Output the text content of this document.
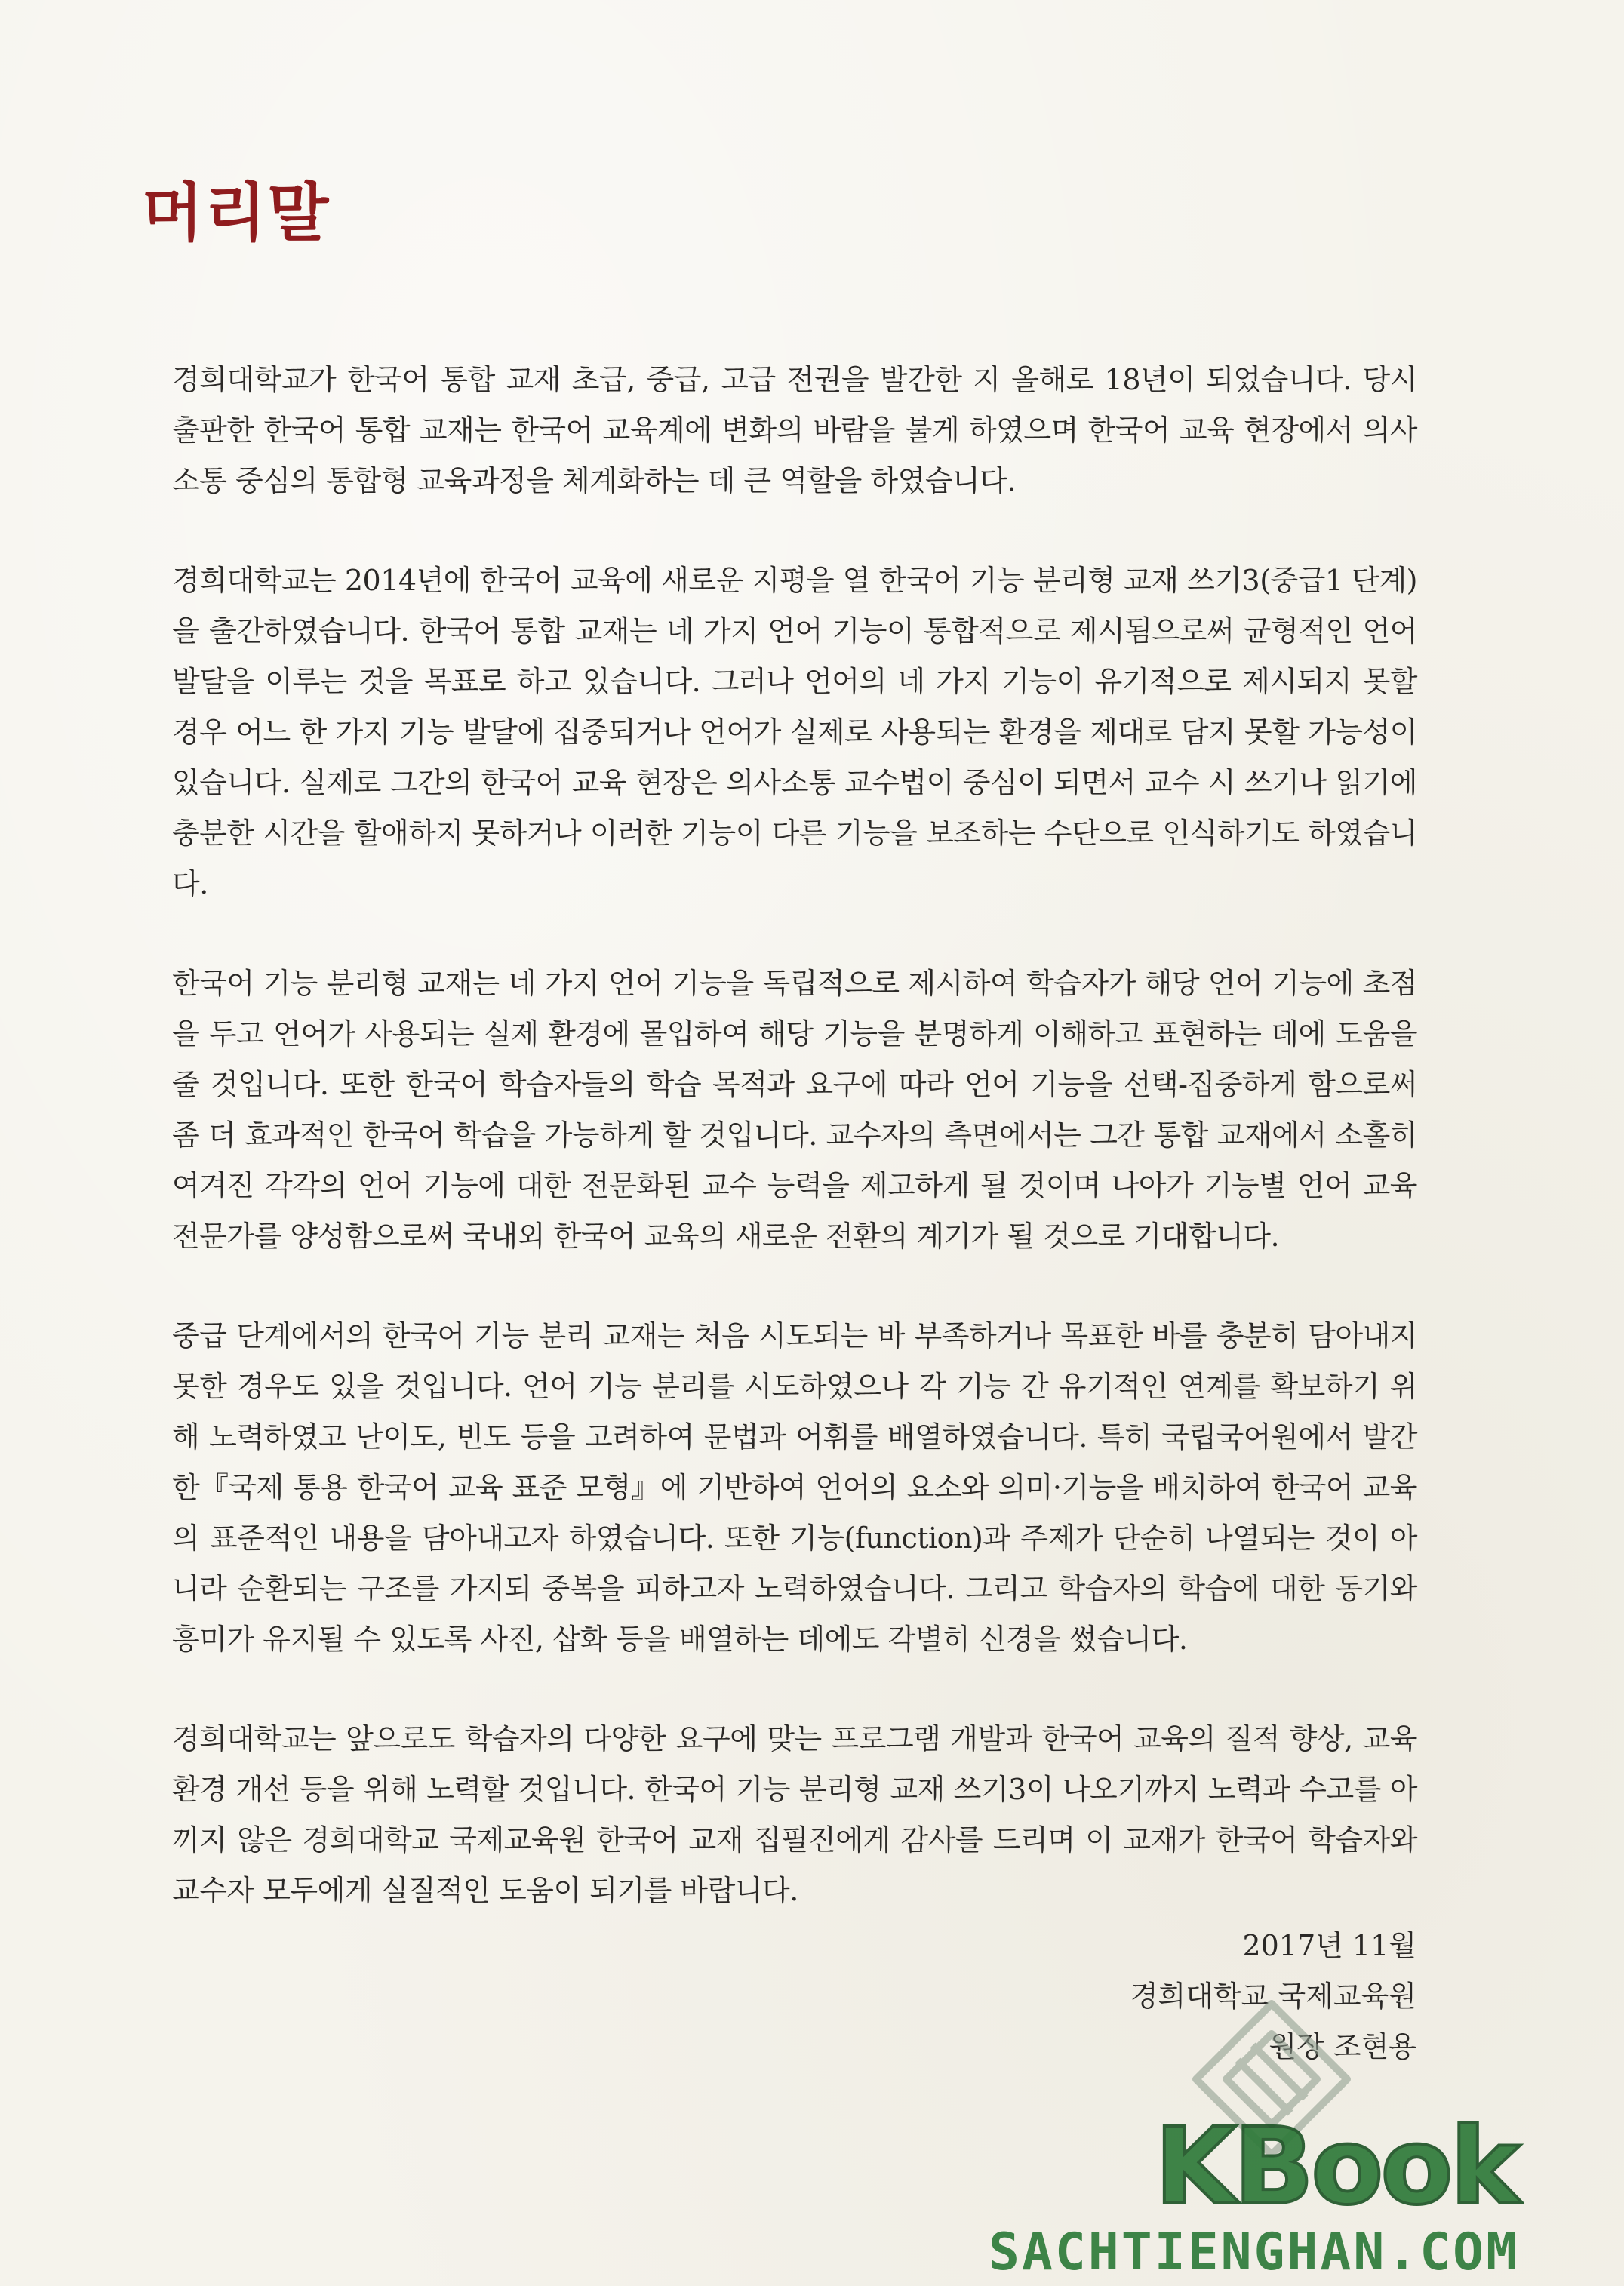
머리말

경희대학교가 한국어 통합 교재 초급, 중급, 고급 전권을 발간한 지 올해로 18년이 되었습니다. 당시 출판한 한국어 통합 교재는 한국어 교육계에 변화의 바람을 불게 하였으며 한국어 교육 현장에서 의사소통 중심의 통합형 교육과정을 체계화하는 데 큰 역할을 하였습니다.

경희대학교는 2014년에 한국어 교육에 새로운 지평을 열 한국어 기능 분리형 교재 쓰기3(중급1 단계)을 출간하였습니다. 한국어 통합 교재는 네 가지 언어 기능이 통합적으로 제시됨으로써 균형적인 언어 발달을 이루는 것을 목표로 하고 있습니다. 그러나 언어의 네 가지 기능이 유기적으로 제시되지 못할 경우 어느 한 가지 기능 발달에 집중되거나 언어가 실제로 사용되는 환경을 제대로 담지 못할 가능성이 있습니다. 실제로 그간의 한국어 교육 현장은 의사소통 교수법이 중심이 되면서 교수 시 쓰기나 읽기에 충분한 시간을 할애하지 못하거나 이러한 기능이 다른 기능을 보조하는 수단으로 인식하기도 하였습니다.

한국어 기능 분리형 교재는 네 가지 언어 기능을 독립적으로 제시하여 학습자가 해당 언어 기능에 초점을 두고 언어가 사용되는 실제 환경에 몰입하여 해당 기능을 분명하게 이해하고 표현하는 데에 도움을 줄 것입니다. 또한 한국어 학습자들의 학습 목적과 요구에 따라 언어 기능을 선택-집중하게 함으로써 좀 더 효과적인 한국어 학습을 가능하게 할 것입니다. 교수자의 측면에서는 그간 통합 교재에서 소홀히 여겨진 각각의 언어 기능에 대한 전문화된 교수 능력을 제고하게 될 것이며 나아가 기능별 언어 교육 전문가를 양성함으로써 국내외 한국어 교육의 새로운 전환의 계기가 될 것으로 기대합니다.

중급 단계에서의 한국어 기능 분리 교재는 처음 시도되는 바 부족하거나 목표한 바를 충분히 담아내지 못한 경우도 있을 것입니다. 언어 기능 분리를 시도하였으나 각 기능 간 유기적인 연계를 확보하기 위해 노력하였고 난이도, 빈도 등을 고려하여 문법과 어휘를 배열하였습니다. 특히 국립국어원에서 발간한『국제 통용 한국어 교육 표준 모형』에 기반하여 언어의 요소와 의미·기능을 배치하여 한국어 교육의 표준적인 내용을 담아내고자 하였습니다. 또한 기능(function)과 주제가 단순히 나열되는 것이 아니라 순환되는 구조를 가지되 중복을 피하고자 노력하였습니다. 그리고 학습자의 학습에 대한 동기와 흥미가 유지될 수 있도록 사진, 삽화 등을 배열하는 데에도 각별히 신경을 썼습니다.

경희대학교는 앞으로도 학습자의 다양한 요구에 맞는 프로그램 개발과 한국어 교육의 질적 향상, 교육 환경 개선 등을 위해 노력할 것입니다. 한국어 기능 분리형 교재 쓰기3이 나오기까지 노력과 수고를 아끼지 않은 경희대학교 국제교육원 한국어 교재 집필진에게 감사를 드리며 이 교재가 한국어 학습자와 교수자 모두에게 실질적인 도움이 되기를 바랍니다.

2017년 11월
경희대학교 국제교육원
원장 조현용
KBook
SACHTIENGHAN.COM
